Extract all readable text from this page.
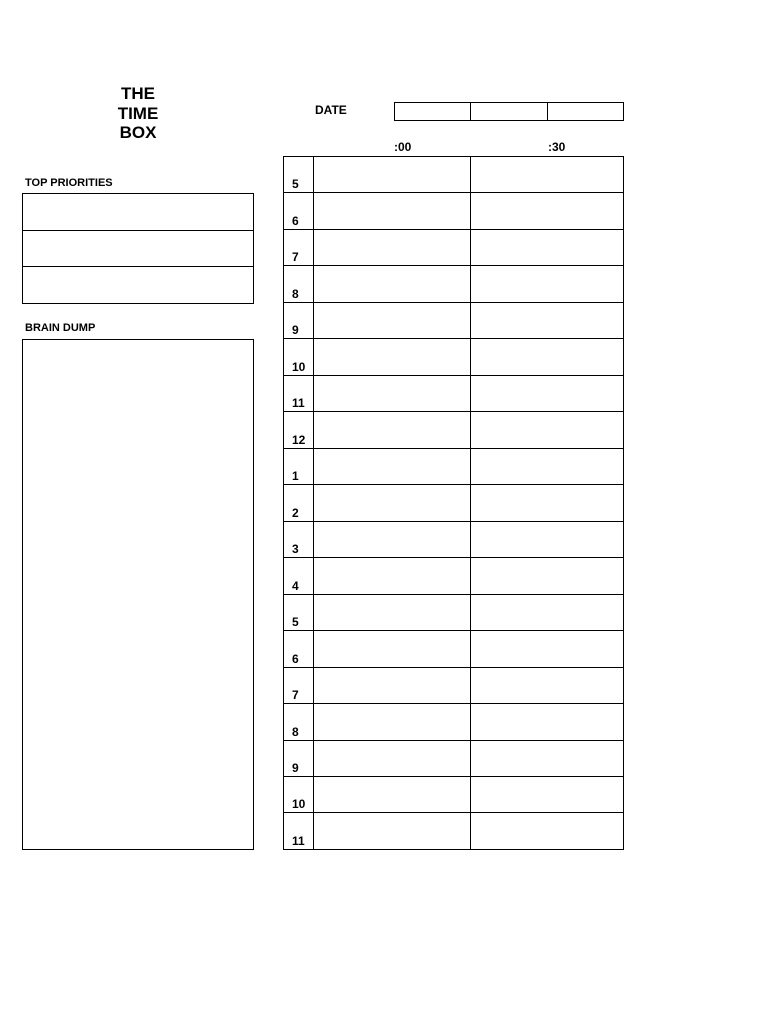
THE
TIME
BOX
DATE
:00	:30
TOP PRIORITIES
BRAIN DUMP
5
6
7
8
9
10
11
12
1
2
3
4
5
6
7
8
9
10
11
